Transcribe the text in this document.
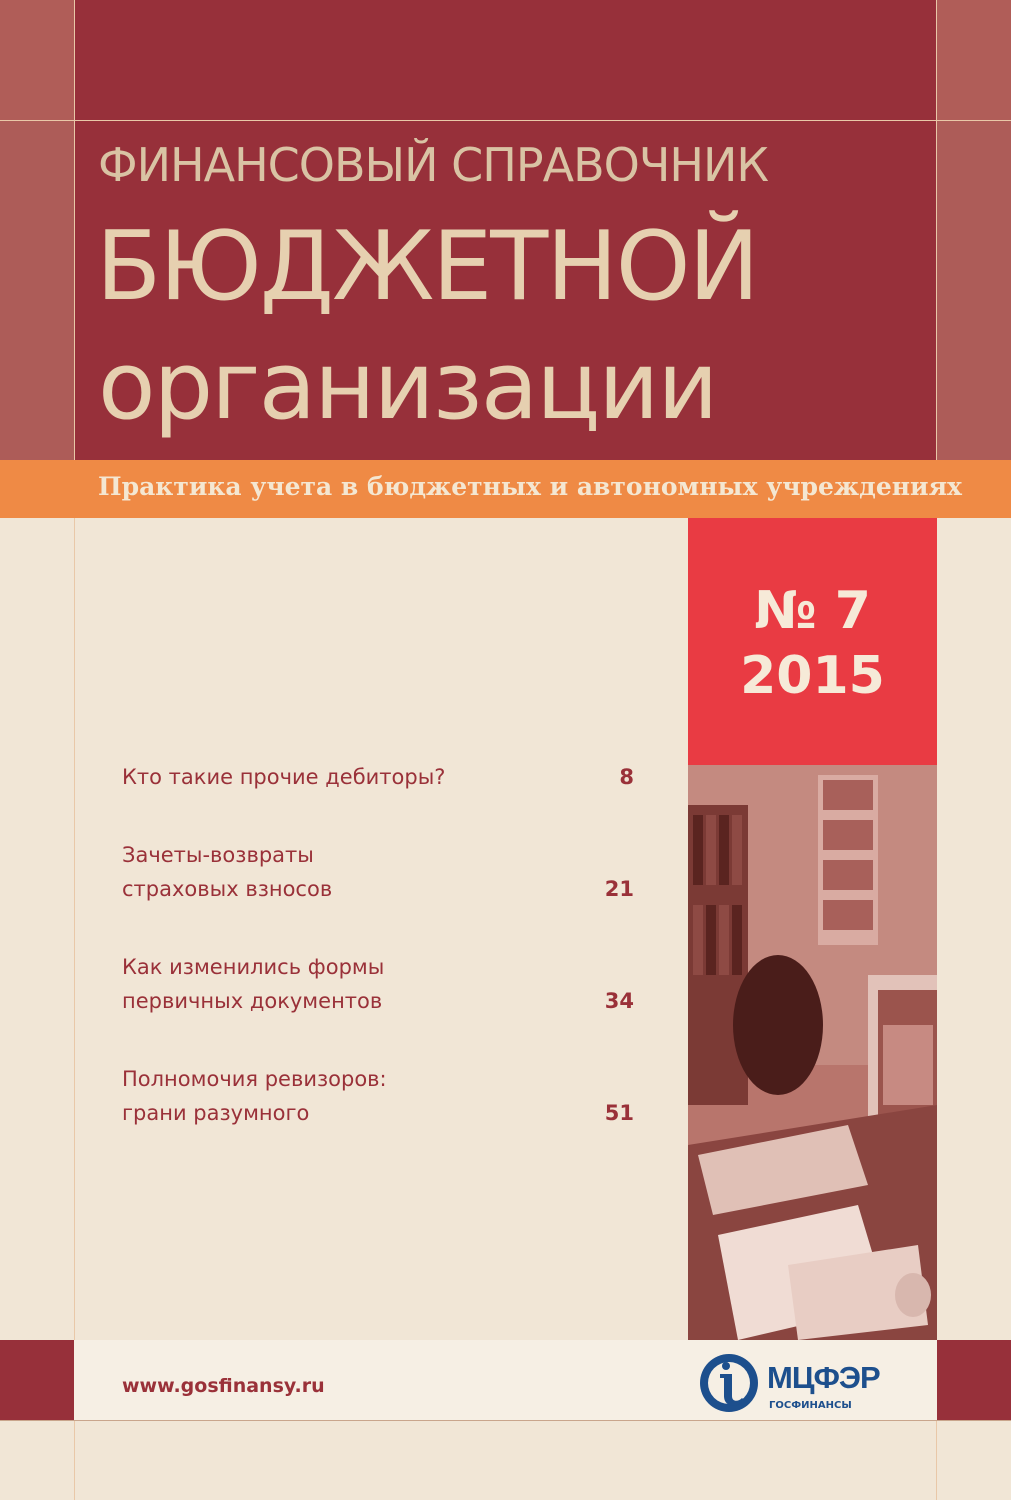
ФИНАНСОВЫЙ СПРАВОЧНИК
БЮДЖЕТНОЙ
организации
Практика учета в бюджетных и автономных учреждениях
№ 7
2015
Кто такие прочие дебиторы?	8
Зачеты-возвраты страховых взносов	21
Как изменились формы первичных документов	34
Полномочия ревизоров: грани разумного	51
www.gosfinansy.ru	МЦФЭР
ГОСФИНАНСЫ
